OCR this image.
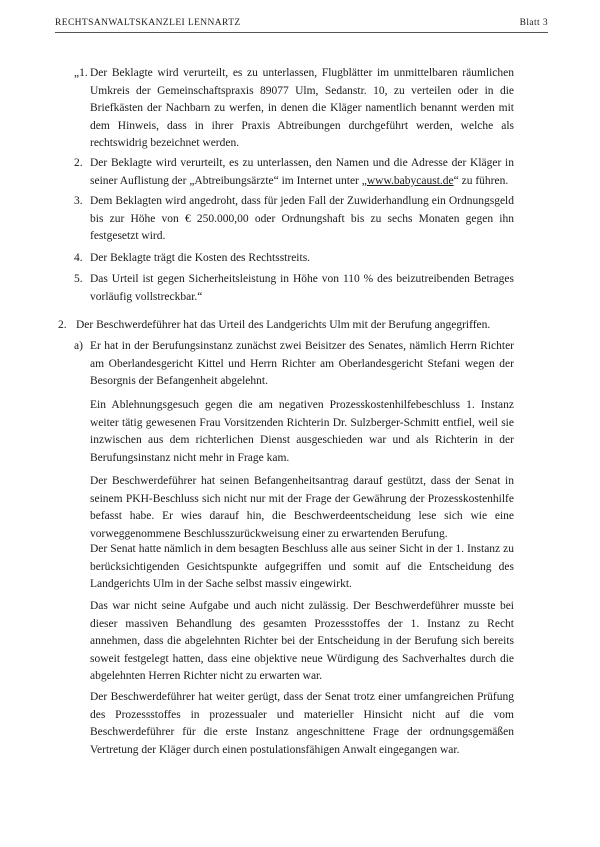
RECHTSANWALTSKANZLEI LENNARTZ	Blatt 3
„1. Der Beklagte wird verurteilt, es zu unterlassen, Flugblätter im unmittelbaren räumlichen Umkreis der Gemeinschaftspraxis 89077 Ulm, Sedanstr. 10, zu verteilen oder in die Briefkästen der Nachbarn zu werfen, in denen die Kläger namentlich benannt werden mit dem Hinweis, dass in ihrer Praxis Abtreibungen durchgeführt werden, welche als rechtswidrig bezeichnet werden.
2. Der Beklagte wird verurteilt, es zu unterlassen, den Namen und die Adresse der Kläger in seiner Auflistung der „Abtreibungsärzte“ im Internet unter „www.babycaust.de“ zu führen.
3. Dem Beklagten wird angedroht, dass für jeden Fall der Zuwiderhandlung ein Ordnungsgeld bis zur Höhe von € 250.000,00 oder Ordnungshaft bis zu sechs Monaten gegen ihn festgesetzt wird.
4. Der Beklagte trägt die Kosten des Rechtsstreits.
5. Das Urteil ist gegen Sicherheitsleistung in Höhe von 110 % des beizutreibenden Betrages vorläufig vollstreckbar.“
2. Der Beschwerdeführer hat das Urteil des Landgerichts Ulm mit der Berufung angegriffen.
a) Er hat in der Berufungsinstanz zunächst zwei Beisitzer des Senates, nämlich Herrn Richter am Oberlandesgericht Kittel und Herrn Richter am Oberlandesgericht Stefani wegen der Besorgnis der Befangenheit abgelehnt.
Ein Ablehnungsgesuch gegen die am negativen Prozesskostenhilfebeschluss 1. Instanz weiter tätig gewesenen Frau Vorsitzenden Richterin Dr. Sulzberger-Schmitt entfiel, weil sie inzwischen aus dem richterlichen Dienst ausgeschieden war und als Richterin in der Berufungsinstanz nicht mehr in Frage kam.
Der Beschwerdeführer hat seinen Befangenheitsantrag darauf gestützt, dass der Senat in seinem PKH-Beschluss sich nicht nur mit der Frage der Gewährung der Prozesskostenhilfe befasst habe. Er wies darauf hin, die Beschwerdeentscheidung lese sich wie eine vorweggenommene Beschlusszurückweisung einer zu erwartenden Berufung.
Der Senat hatte nämlich in dem besagten Beschluss alle aus seiner Sicht in der 1. Instanz zu berücksichtigenden Gesichtspunkte aufgegriffen und somit auf die Entscheidung des Landgerichts Ulm in der Sache selbst massiv eingewirkt.
Das war nicht seine Aufgabe und auch nicht zulässig. Der Beschwerdeführer musste bei dieser massiven Behandlung des gesamten Prozessstoffes der 1. Instanz zu Recht annehmen, dass die abgelehnten Richter bei der Entscheidung in der Berufung sich bereits soweit festgelegt hatten, dass eine objektive neue Würdigung des Sachverhaltes durch die abgelehnten Herren Richter nicht zu erwarten war.
Der Beschwerdeführer hat weiter gerügt, dass der Senat trotz einer umfangreichen Prüfung des Prozessstoffes in prozessualer und materieller Hinsicht nicht auf die vom Beschwerdeführer für die erste Instanz angeschnittene Frage der ordnungsgemäßen Vertretung der Kläger durch einen postulationsfähigen Anwalt eingegangen war.
